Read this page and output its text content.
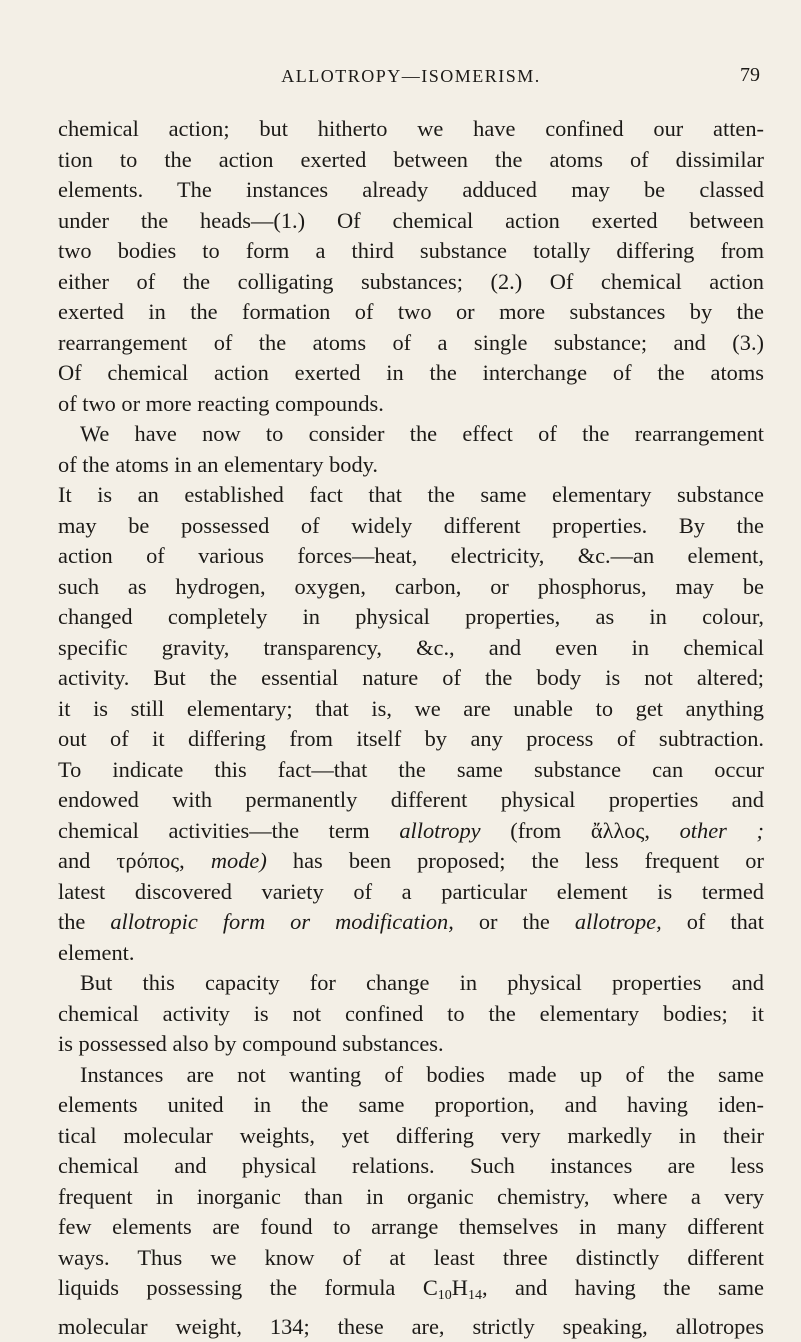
ALLOTROPY—ISOMERISM.	79

chemical action; but hitherto we have confined our atten-
tion to the action exerted between the atoms of dissimilar
elements. The instances already adduced may be classed
under the heads—(1.) Of chemical action exerted between
two bodies to form a third substance totally differing from
either of the colligating substances; (2.) Of chemical action
exerted in the formation of two or more substances by the
rearrangement of the atoms of a single substance; and (3.)
Of chemical action exerted in the interchange of the atoms
of two or more reacting compounds.

We have now to consider the effect of the rearrangement
of the atoms in an elementary body.

It is an established fact that the same elementary substance
may be possessed of widely different properties. By the
action of various forces—heat, electricity, &c.—an element,
such as hydrogen, oxygen, carbon, or phosphorus, may be
changed completely in physical properties, as in colour,
specific gravity, transparency, &c., and even in chemical
activity. But the essential nature of the body is not altered;
it is still elementary; that is, we are unable to get anything
out of it differing from itself by any process of subtraction.
To indicate this fact—that the same substance can occur
endowed with permanently different physical properties and
chemical activities—the term allotropy (from ἄλλος, other ;
and τρόπος, mode) has been proposed; the less frequent or
latest discovered variety of a particular element is termed
the allotropic form or modification, or the allotrope, of that
element.

But this capacity for change in physical properties and
chemical activity is not confined to the elementary bodies; it
is possessed also by compound substances.

Instances are not wanting of bodies made up of the same
elements united in the same proportion, and having iden-
tical molecular weights, yet differing very markedly in their
chemical and physical relations. Such instances are less
frequent in inorganic than in organic chemistry, where a very
few elements are found to arrange themselves in many different
ways. Thus we know of at least three distinctly different
liquids possessing the formula $C_{10}H_{14}$, and having the same
molecular weight, 134; these are, strictly speaking, allotropes
